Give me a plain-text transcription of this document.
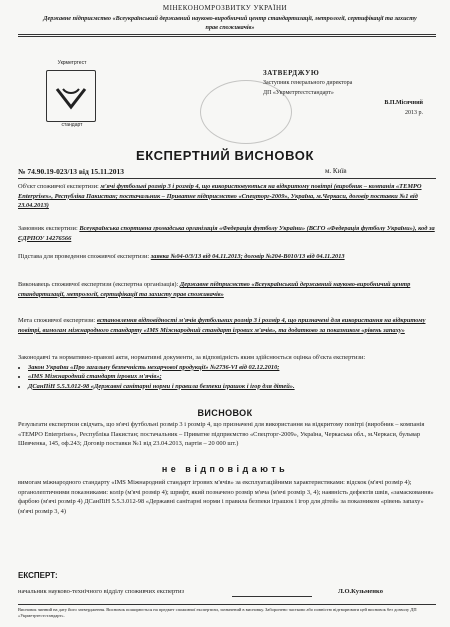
МІНЕКОНОМРОЗВИТКУ УКРАЇНИ
Державне підприємство «Всеукраїнський державний науково-виробничий центр стандартизації, метрології, сертифікації та захисту прав споживачів»
Укрметртест
стандарт
ЗАТВЕРДЖУЮ
Заступник генерального директора
ДП «Укрметртестстандарт»
В.П.Місячний
2013 р.
ЕКСПЕРТНИЙ ВИСНОВОК
№ 74.90.19-023/13 від 15.11.2013	м. Київ
Об'єкт споживчої експертизи: м'ячі футбольні розмір 3 і розмір 4, що використовуються на відкритому повітрі (виробник – компанія «TEMPO Enterprises», Республіка Пакистан; постачальник – Приватне підприємство «Спецторг-2009», Україна, м.Черкаси, договір поставки №1 від 23.04.2013)
Замовник експертизи: Всеукраїнська спортивна громадська організація «Федерація футболу України» (ВСГО «Федерація футболу України»), код за ЄДРПОУ 14276566
Підстава для проведення споживчої експертизи: заявка №04-0/3/13 від 04.11.2013; договір №204-В010/13 від 04.11.2013
Виконавець споживчої експертизи (експертна організація): Державне підприємство «Всеукраїнський державний науково-виробничий центр стандартизації, метрології, сертифікації та захисту прав споживачів»
Мета споживчої експертизи: встановлення відповідності м'ячів футбольних розмір 3 і розмір 4, що призначені для використання на відкритому повітрі, вимогам міжнародного стандарту «IMS Міжнародний стандарт ігрових м'ячів», та додатково за показником «рівень запаху»
Законодавчі та нормативно-правові акти, нормативні документи, за відповідність яким здійснюється оцінка об'єкта експертизи:
• Закон України «Про загальну безпечність нехарчової продукції» №2736-VI від 02.12.2010;
• «IMS Міжнародний стандарт ігрових м'ячів»;
• ДСанПіН 5.5.3.012-98 «Державні санітарні норми і правила безпеки іграшок і ігор для дітей».
ВИСНОВОК
Результати експертизи свідчать, що м'ячі футбольні розмір 3 і розмір 4, що призначені для використання на відкритому повітрі (виробник – компанія «TEMPO Enterprises», Республіка Пакистан; постачальник – Приватне підприємство «Спецторг-2009», Україна, Черкаська обл., м.Черкаси, бульвар Шевченка, 145, оф.243; Договір поставки №1 від 23.04.2013, партія – 20 000 шт.)
не відповідають
вимогам міжнародного стандарту «IMS Міжнародний стандарт ігрових м'ячів» за експлуатаційними характеристиками: відскок (м'ячі розмір 4); органолептичними показниками: колір (м'ячі розмір 4); шрифт, який позначено розмір м'яча (м'ячі розмір 3, 4); наявність дефектів швів, «замасковання» фарбою (м'ячі розмір 4) ДСанПіН 5.5.3.012-98 «Державні санітарні норми і правила безпеки іграшок і ігор для дітей» за показником «рівень запаху» (м'ячі розмір 3, 4)
ЕКСПЕРТ:
начальник науково-технічного відділу споживчих експертиз	Л.О.Кузьменко
Висновок чинний на дату його затвердження. Висновок поширюється на предмет споживчої експертизи, зазначений в висновку. Заборонено частково або повністю відтворювати цей висновок без дозволу ДП «Укрметртестстандарт».
